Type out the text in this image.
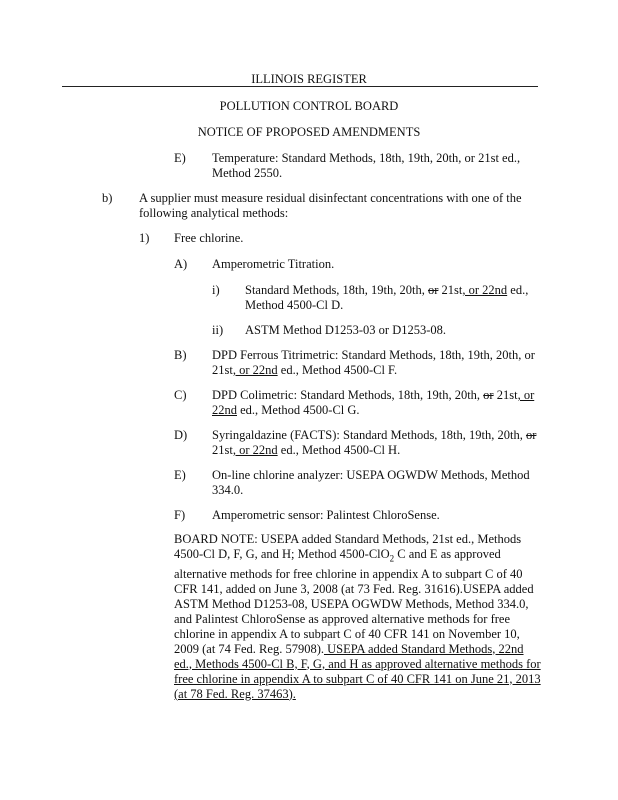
ILLINOIS REGISTER
POLLUTION CONTROL BOARD
NOTICE OF PROPOSED AMENDMENTS
E) Temperature: Standard Methods, 18th, 19th, 20th, or 21st ed.,
Method 2550.
b) A supplier must measure residual disinfectant concentrations with one of the
following analytical methods:
1) Free chlorine.
A) Amperometric Titration.
i) Standard Methods, 18th, 19th, 20th, or 21st, or 22nd ed.,
Method 4500-Cl D.
ii) ASTM Method D1253-03 or D1253-08.
B) DPD Ferrous Titrimetric: Standard Methods, 18th, 19th, 20th, or
21st, or 22nd ed., Method 4500-Cl F.
C) DPD Colimetric: Standard Methods, 18th, 19th, 20th, or 21st, or
22nd ed., Method 4500-Cl G.
D) Syringaldazine (FACTS): Standard Methods, 18th, 19th, 20th, or
21st, or 22nd ed., Method 4500-Cl H.
E) On-line chlorine analyzer: USEPA OGWDW Methods, Method
334.0.
F) Amperometric sensor: Palintest ChloroSense.
BOARD NOTE: USEPA added Standard Methods, 21st ed., Methods
4500-Cl D, F, G, and H; Method 4500-ClO$_2$ C and E as approved
alternative methods for free chlorine in appendix A to subpart C of 40
CFR 141, added on June 3, 2008 (at 73 Fed. Reg. 31616).USEPA added
ASTM Method D1253-08, USEPA OGWDW Methods, Method 334.0,
and Palintest ChloroSense as approved alternative methods for free
chlorine in appendix A to subpart C of 40 CFR 141 on November 10,
2009 (at 74 Fed. Reg. 57908). USEPA added Standard Methods, 22nd
ed., Methods 4500-Cl B, F, G, and H as approved alternative methods for
free chlorine in appendix A to subpart C of 40 CFR 141 on June 21, 2013
(at 78 Fed. Reg. 37463).
